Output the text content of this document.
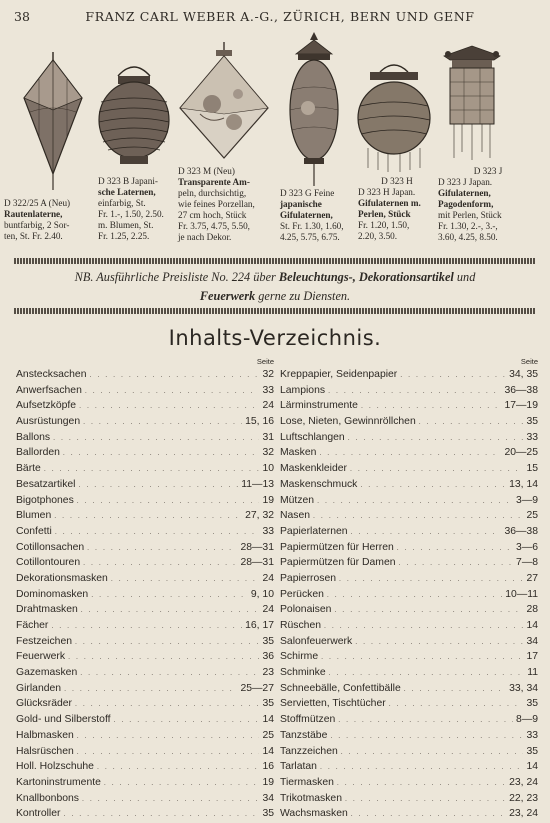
38	FRANZ CARL WEBER A.-G., ZÜRICH, BERN UND GENF
D 322/25 A (Neu)
Rautenlaterne,
buntfarbig, 2 Sor-
ten, St. Fr. 2.40.
D 323 B Japani-
sche Laternen,
einfarbig, St.
Fr. 1.-, 1.50, 2.50.
m. Blumen, St.
Fr. 1.25, 2.25.
D 323 M (Neu)
Transparente Am-
peln, durchsichtig,
wie feines Porzellan,
27 cm hoch, Stück
Fr. 3.75, 4.75, 5.50,
je nach Dekor.
D 323 G Feine
japanische
Gifulaternen,
St. Fr. 1.30, 1.60,
4.25, 5.75, 6.75.
D 323 H
D 323 H Japan.
Gifulaternen m.
Perlen, Stück
Fr. 1.20, 1.50,
2.20, 3.50.
D 323 J
D 323 J Japan.
Gifulaternen,
Pagodenform,
mit Perlen, Stück
Fr. 1.30, 2.-, 3.-,
3.60, 4.25, 8.50.
NB. Ausführliche Preisliste No. 224 über Beleuchtungs-, Dekorationsartikel und
Feuerwerk gerne zu Diensten.
Inhalts-Verzeichnis.
Seite
Anstecksachen . . .	32
Anwerfsachen . . .	33
Aufsetzköpfe . . .	24
Ausrüstungen . . .	15, 16
Ballons . . .	31
Ballorden . . .	32
Bärte . . .	10
Besatzartikel . . .	11—13
Bigotphones . . .	19
Blumen . . .	27, 32
Confetti . . .	33
Cotillonsachen . . .	28—31
Cotillontouren . . .	28—31
Dekorationsmasken . . .	24
Dominomasken . . .	9, 10
Drahtmasken . . .	24
Fächer . . .	16, 17
Festzeichen . . .	35
Feuerwerk . . .	36
Gazemasken . . .	23
Girlanden . . .	25—27
Glücksräder . . .	35
Gold- und Silberstoff . . .	14
Halbmasken . . .	25
Halsrüschen . . .	14
Holl. Holzschuhe . . .	16
Kartoninstrumente . . .	19
Knallbonbons . . .	34
Kontroller . . .	35
Seite
Kreppapier, Seidenpapier . . .	34, 35
Lampions . . .	36—38
Lärminstrumente . . .	17—19
Lose, Nieten, Gewinnröllchen . . .	35
Luftschlangen . . .	33
Masken . . .	20—25
Maskenkleider . . .	15
Maskenschmuck . . .	13, 14
Mützen . . .	3—9
Nasen . . .	25
Papierlaternen . . .	36—38
Papiermützen für Herren . . .	3—6
Papiermützen für Damen . . .	7—8
Papierrosen . . .	27
Perücken . . .	10—11
Polonaisen . . .	28
Rüschen . . .	14
Salonfeuerwerk . . .	34
Schirme . . .	17
Schminke . . .	11
Schneebälle, Confettibälle . . .	33, 34
Servietten, Tischtücher . . .	35
Stoffmützen . . .	8—9
Tanzstäbe . . .	33
Tanzzeichen . . .	35
Tarlatan . . .	14
Tiermasken . . .	23, 24
Trikotmasken . . .	22, 23
Wachsmasken . . .	23, 24
